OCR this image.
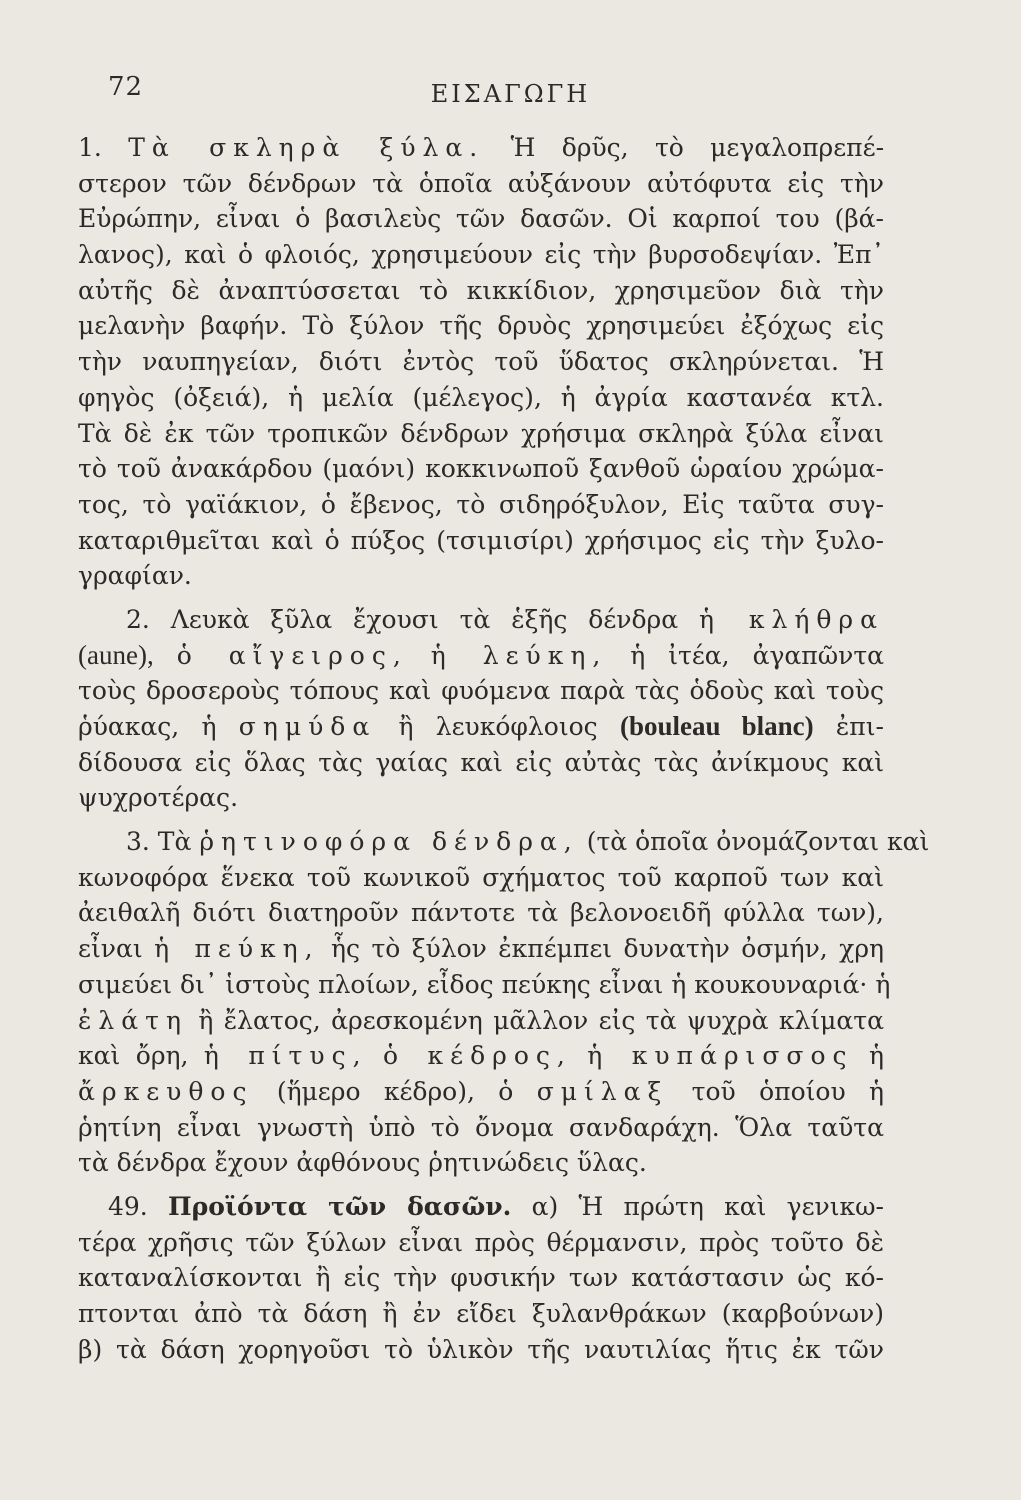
72	ΕΙΣΑΓΩΓΗ
1. Τὰ σκληρὰ ξύλα. Ἡ δρῦς, τὸ μεγαλοπρεπέ-
στερον τῶν δένδρων τὰ ὁποῖα αὐξάνουν αὐτόφυτα εἰς τὴν
Εὐρώπην, εἶναι ὁ βασιλεὺς τῶν δασῶν. Οἱ καρποί του (βά-
λανος), καὶ ὁ φλοιός, χρησιμεύουν εἰς τὴν βυρσοδεψίαν. Ἐπ᾽
αὐτῆς δὲ ἀναπτύσσεται τὸ κικκίδιον, χρησιμεῦον διὰ τὴν
μελανὴν βαφήν. Τὸ ξύλον τῆς δρυὸς χρησιμεύει ἐξόχως εἰς
τὴν ναυπηγείαν, διότι ἐντὸς τοῦ ὕδατος σκληρύνεται. Ἡ
φηγὸς (ὀξειά), ἡ μελία (μέλεγος), ἡ ἀγρία καστανέα κτλ.
Τὰ δὲ ἐκ τῶν τροπικῶν δένδρων χρήσιμα σκληρὰ ξύλα εἶναι
τὸ τοῦ ἀνακάρδου (μαόνι) κοκκινωποῦ ξανθοῦ ὡραίου χρώμα-
τος, τὸ γαϊάκιον, ὁ ἔβενος, τὸ σιδηρόξυλον, Εἰς ταῦτα συγ-
καταριθμεῖται καὶ ὁ πύξος (τσιμισίρι) χρήσιμος εἰς τὴν ξυλο-
γραφίαν.
2. Λευκὰ ξῦλα ἔχουσι τὰ ἑξῆς δένδρα ἡ κλήθρα
(aune), ὁ αἴγειρος, ἡ λεύκη, ἡ ἰτέα, ἀγαπῶντα
τοὺς δροσεροὺς τόπους καὶ φυόμενα παρὰ τὰς ὁδοὺς καὶ τοὺς
ῥύακας, ἡ σημύδα ἢ λευκόφλοιος (bouleau blanc) ἐπι-
δίδουσα εἰς ὅλας τὰς γαίας καὶ εἰς αὐτὰς τὰς ἀνίκμους καὶ
ψυχροτέρας.
3. Τὰ ῥητινοφόρα δένδρα, (τὰ ὁποῖα ὀνομάζονται καὶ
κωνοφόρα ἕνεκα τοῦ κωνικοῦ σχήματος τοῦ καρποῦ των καὶ
ἀειθαλῆ διότι διατηροῦν πάντοτε τὰ βελονοειδῆ φύλλα των),
εἶναι ἡ πεύκη, ἧς τὸ ξύλον ἐκπέμπει δυνατὴν ὀσμήν, χρη
σιμεύει δι᾽ ἱστοὺς πλοίων, εἶδος πεύκης εἶναι ἡ κουκουναριά· ἡ
ἐλάτη ἢ ἔλατος, ἀρεσκομένη μᾶλλον εἰς τὰ ψυχρὰ κλίματα
καὶ ὄρη, ἡ πίτυς, ὁ κέδρος, ἡ κυπάρισσος ἡ
ἄρκευθος (ἥμερο κέδρο), ὁ σμίλαξ τοῦ ὁποίου ἡ
ῥητίνη εἶναι γνωστὴ ὑπὸ τὸ ὄνομα σανδαράχη. Ὅλα ταῦτα
τὰ δένδρα ἔχουν ἀφθόνους ῥητινώδεις ὕλας.
49. Προϊόντα τῶν δασῶν. α) Ἡ πρώτη καὶ γενικω-
τέρα χρῆσις τῶν ξύλων εἶναι πρὸς θέρμανσιν, πρὸς τοῦτο δὲ
καταναλίσκονται ἢ εἰς τὴν φυσικήν των κατάστασιν ὡς κό-
πτονται ἀπὸ τὰ δάση ἢ ἐν εἴδει ξυλανθράκων (καρβούνων)
β) τὰ δάση χορηγοῦσι τὸ ὑλικὸν τῆς ναυτιλίας ἥτις ἐκ τῶν
